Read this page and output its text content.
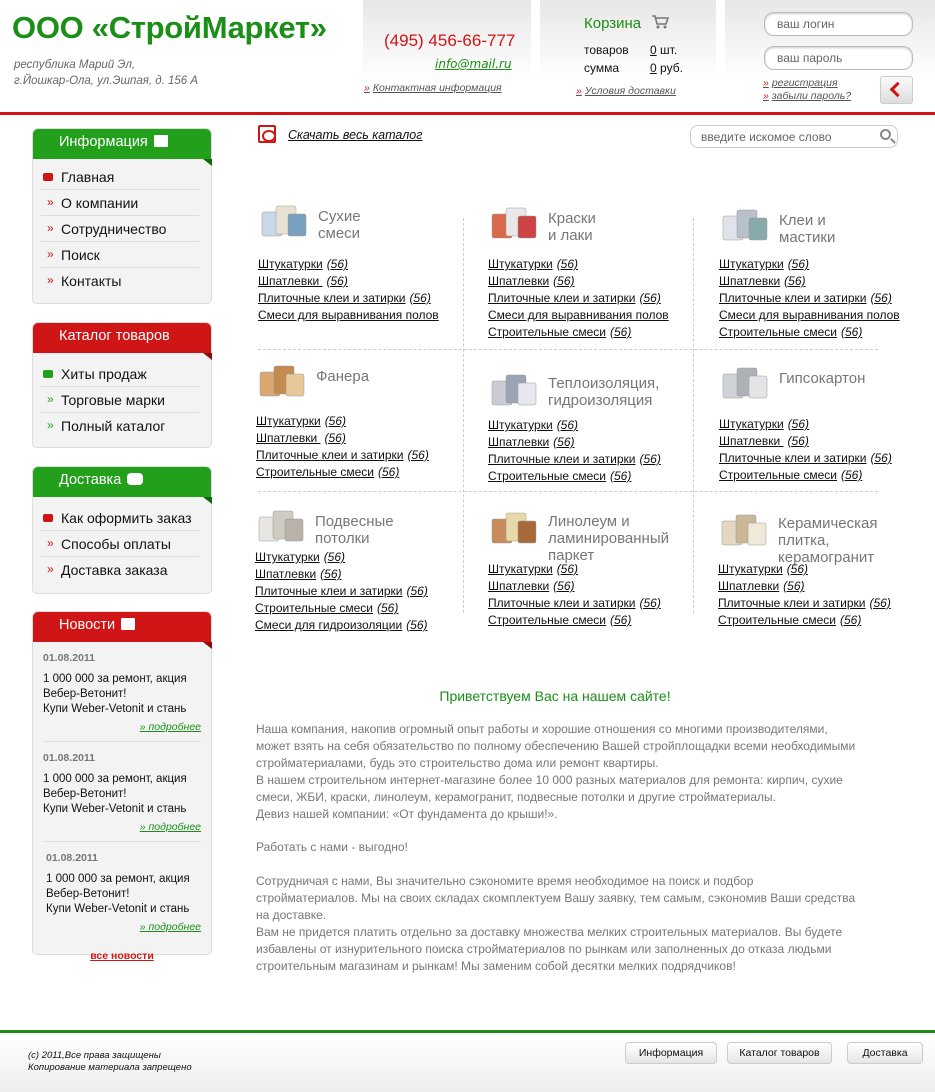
ООО «СтройМаркет»
республика Марий Эл,
г.Йошкар-Ола, ул.Эшпая, д. 156 А
(495) 456-66-777
info@mail.ru
» Контактная информация
Корзина
товаров 0 шт.
сумма	0 руб.
» Условия доставки
ваш логин
ваш пароль
» регистрация
» забыли пароль?
Информация
Главная
» О компании
» Сотрудничество
» Поиск
» Контакты
Каталог товаров
Хиты продаж
» Торговые марки
» Полный каталог
Доставка
Как оформить заказ
» Способы оплаты
» Доставка заказа
Новости
01.08.2011
1 000 000 за ремонт, акция
Вебер-Ветонит!
Купи Weber-Vetonit и стань
» подробнее
01.08.2011
1 000 000 за ремонт, акция
Вебер-Ветонит!
Купи Weber-Vetonit и стань
» подробнее
01.08.2011
1 000 000 за ремонт, акция
Вебер-Ветонит!
Купи Weber-Vetonit и стань
» подробнее
все новости
Скачать весь каталог	введите искомое слово
Сухие смеси
Штукатурки (56)
Шпатлевки (56)
Плиточные клеи и затирки (56)
Смеси для выравнивания полов
Краски и лаки
Штукатурки (56)
Шпатлевки (56)
Плиточные клеи и затирки (56)
Смеси для выравнивания полов
Строительные смеси (56)
Клеи и мастики
Штукатурки (56)
Шпатлевки (56)
Плиточные клеи и затирки (56)
Смеси для выравнивания полов
Строительные смеси (56)
Фанера
Штукатурки (56)
Шпатлевки (56)
Плиточные клеи и затирки (56)
Строительные смеси (56)
Теплоизоляция,
гидроизоляция
Штукатурки (56)
Шпатлевки (56)
Плиточные клеи и затирки (56)
Строительные смеси (56)
Гипсокартон
Штукатурки (56)
Шпатлевки (56)
Плиточные клеи и затирки (56)
Строительные смеси (56)
Подвесные потолки
Штукатурки (56)
Шпатлевки (56)
Плиточные клеи и затирки (56)
Строительные смеси (56)
Смеси для гидроизоляции (56)
Линолеум и
ламинированный паркет
Штукатурки (56)
Шпатлевки (56)
Плиточные клеи и затирки (56)
Строительные смеси (56)
Керамическая плитка,
керамогранит
Штукатурки (56)
Шпатлевки (56)
Плиточные клеи и затирки (56)
Строительные смеси (56)
Приветствуем Вас на нашем сайте!
Наша компания, накопив огромный опыт работы и хорошие отношения со многими производителями, может взять на себя обязательство по полному обеспечению Вашей стройплощадки всеми необходимыми стройматериалами, будь это строительство дома или ремонт квартиры.
В нашем строительном интернет-магазине более 10 000 разных материалов для ремонта: кирпич, сухие смеси, ЖБИ, краски, линолеум, керамогранит, подвесные потолки и другие стройматериалы.
Девиз нашей компании: «От фундамента до крыши!».
Работать с нами - выгодно!
Сотрудничая с нами, Вы значительно сэкономите время необходимое на поиск и подбор стройматериалов. Мы на своих складах скомплектуем Вашу заявку, тем самым, сэкономив Ваши средства на доставке.
Вам не придется платить отдельно за доставку множества мелких строительных материалов. Вы будете избавлены от изнурительного поиска стройматериалов по рынкам или заполненных до отказа людьми строительным магазинам и рынкам! Мы заменим собой десятки мелких подрядчиков!
(c) 2011,Все права защищены
Копирование материала запрещено
Информация	Каталог товаров	Доставка
